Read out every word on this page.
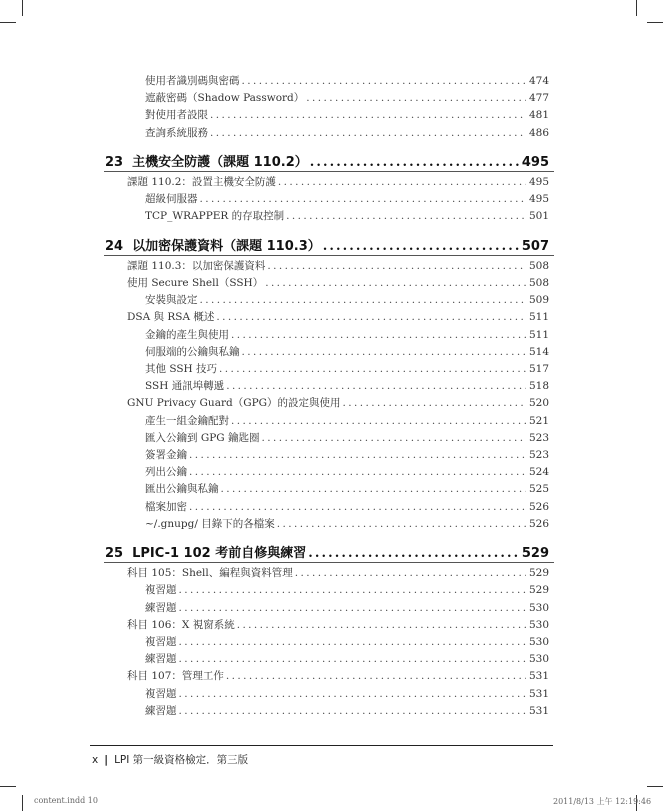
使用者識別碼與密碼 .....	474
遮蔽密碼（Shadow Password） .....	477
對使用者設限 .....	481
查詢系統服務 .....	486
23 主機安全防護（課題 110.2） .....	495
課題 110.2：設置主機安全防護 .....	495
超級伺服器 .....	495
TCP_WRAPPER 的存取控制 .....	501
24 以加密保護資料（課題 110.3） .....	507
課題 110.3：以加密保護資料 .....	508
使用 Secure Shell（SSH） .....	508
安裝與設定 .....	509
DSA 與 RSA 概述 .....	511
金鑰的產生與使用 .....	511
伺服端的公鑰與私鑰 .....	514
其他 SSH 技巧 .....	517
SSH 通訊埠轉遞 .....	518
GNU Privacy Guard（GPG）的設定與使用 .....	520
產生一組金鑰配對 .....	521
匯入公鑰到 GPG 鑰匙圈 .....	523
簽署金鑰 .....	523
列出公鑰 .....	524
匯出公鑰與私鑰 .....	525
檔案加密 .....	526
~/.gnupg/ 目錄下的各檔案 .....	526
25 LPIC-1 102 考前自修與練習 .....	529
科目 105：Shell、編程與資料管理 .....	529
複習題 .....	529
練習題 .....	530
科目 106：X 視窗系統 .....	530
複習題 .....	530
練習題 .....	530
科目 107：管理工作 .....	531
複習題 .....	531
練習題 .....	531
x | LPI 第一級資格檢定．第三版
content.indd 10	2011/8/13 上午 12:19:46
